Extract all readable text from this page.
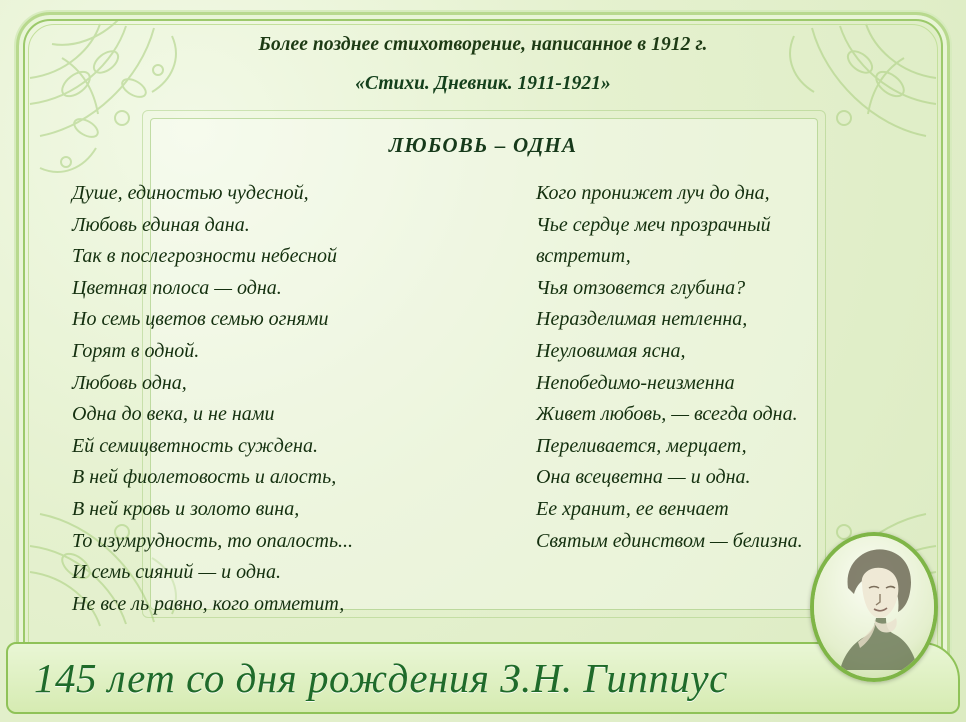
Более позднее стихотворение, написанное в 1912 г.
«Стихи. Дневник. 1911-1921»
ЛЮБОВЬ – ОДНА
Душе, единостью чудесной,
Любовь единая дана.
Так в послегрозности небесной
Цветная полоса — одна.
Но семь цветов семью огнями
Горят в одной.
Любовь одна,
Одна до века, и не нами
Ей семицветность суждена.
В ней фиолетовость и алость,
В ней кровь и золото вина,
То изумрудность, то опалость...
И семь сияний — и одна.
Не все ль равно, кого отметит,
Кого пронижет луч до дна,
Чье сердце меч прозрачный
встретит,
Чья отзовется глубина?
Неразделимая нетленна,
Неуловимая ясна,
Непобедимо-неизменна
Живет любовь, — всегда одна.
Переливается, мерцает,
Она всецветна — и одна.
Ее хранит, ее венчает
Святым единством — белизна.
145 лет со дня рождения З.Н. Гиппиус
